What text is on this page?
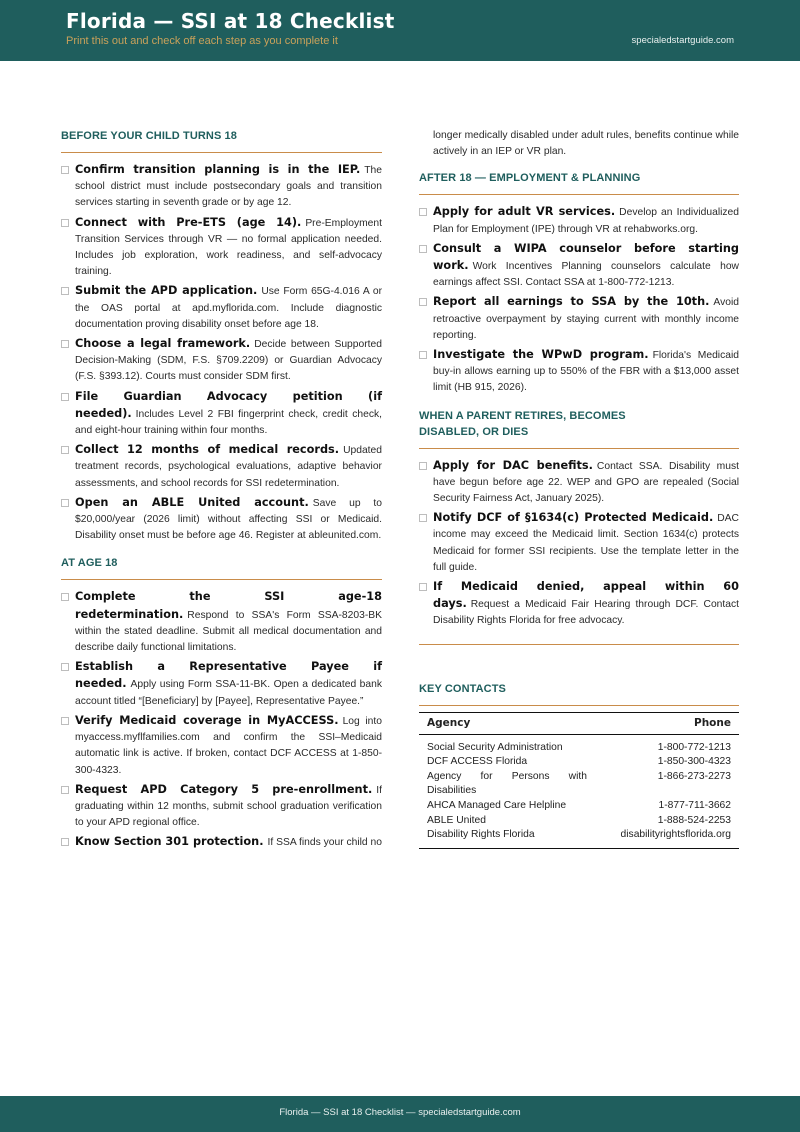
Florida — SSI at 18 Checklist
Print this out and check off each step as you complete it	specialedstartguide.com
BEFORE YOUR CHILD TURNS 18
Confirm transition planning is in the IEP. The school district must include postsecondary goals and transition services starting in seventh grade or by age 12.
Connect with Pre-ETS (age 14). Pre-Employment Transition Services through VR — no formal application needed. Includes job exploration, work readiness, and self-advocacy training.
Submit the APD application. Use Form 65G-4.016 A or the OAS portal at apd.myflorida.com. Include diagnostic documentation proving disability onset before age 18.
Choose a legal framework. Decide between Supported Decision-Making (SDM, F.S. §709.2209) or Guardian Advocacy (F.S. §393.12). Courts must consider SDM first.
File Guardian Advocacy petition (if needed). Includes Level 2 FBI fingerprint check, credit check, and eight-hour training within four months.
Collect 12 months of medical records. Updated treatment records, psychological evaluations, adaptive behavior assessments, and school records for SSI redetermination.
Open an ABLE United account. Save up to $20,000/year (2026 limit) without affecting SSI or Medicaid. Disability onset must be before age 46. Register at ableunited.com.
AT AGE 18
Complete the SSI age-18 redetermination. Respond to SSA's Form SSA-8203-BK within the stated deadline. Submit all medical documentation and describe daily functional limitations.
Establish a Representative Payee if needed. Apply using Form SSA-11-BK. Open a dedicated bank account titled “[Beneficiary] by [Payee], Representative Payee.”
Verify Medicaid coverage in MyACCESS. Log into myaccess.myflfamilies.com and confirm the SSI–Medicaid automatic link is active. If broken, contact DCF ACCESS at 1-850-300-4323.
Request APD Category 5 pre-enrollment. If graduating within 12 months, submit school graduation verification to your APD regional office.
Know Section 301 protection. If SSA finds your child no
longer medically disabled under adult rules, benefits continue while actively in an IEP or VR plan.
AFTER 18 — EMPLOYMENT & PLANNING
Apply for adult VR services. Develop an Individualized Plan for Employment (IPE) through VR at rehabworks.org.
Consult a WIPA counselor before starting work. Work Incentives Planning counselors calculate how earnings affect SSI. Contact SSA at 1-800-772-1213.
Report all earnings to SSA by the 10th. Avoid retroactive overpayment by staying current with monthly income reporting.
Investigate the WPwD program. Florida's Medicaid buy-in allows earning up to 550% of the FBR with a $13,000 asset limit (HB 915, 2026).
WHEN A PARENT RETIRES, BECOMES
DISABLED, OR DIES
Apply for DAC benefits. Contact SSA. Disability must have begun before age 22. WEP and GPO are repealed (Social Security Fairness Act, January 2025).
Notify DCF of §1634(c) Protected Medicaid. DAC income may exceed the Medicaid limit. Section 1634(c) protects Medicaid for former SSI recipients. Use the template letter in the full guide.
If Medicaid denied, appeal within 60 days. Request a Medicaid Fair Hearing through DCF. Contact Disability Rights Florida for free advocacy.
KEY CONTACTS
Agency	Phone
Social Security Administration	1-800-772-1213
DCF ACCESS Florida	1-850-300-4323
Agency for Persons with Disabilities	1-866-273-2273
AHCA Managed Care Helpline	1-877-711-3662
ABLE United	1-888-524-2253
Disability Rights Florida	disabilityrightsflorida.org
Florida — SSI at 18 Checklist — specialedstartguide.com
